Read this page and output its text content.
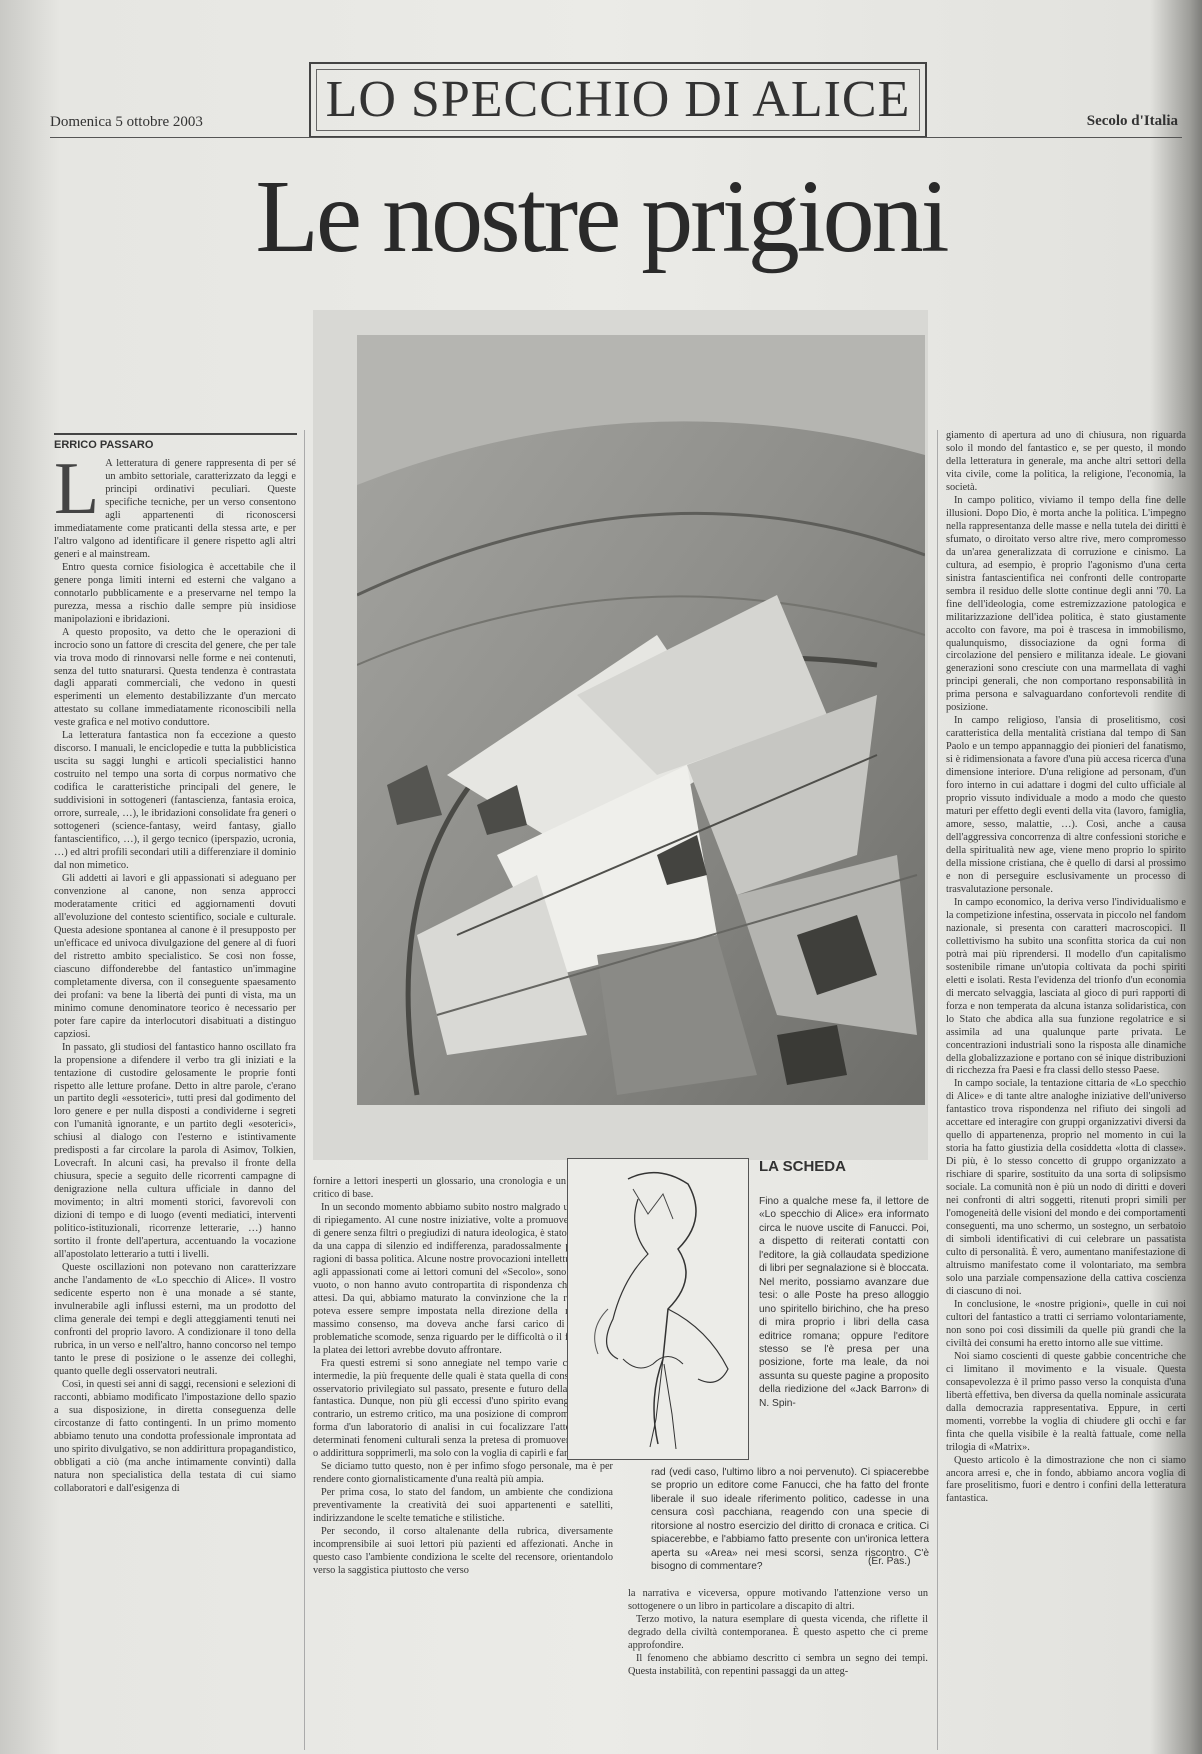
LO SPECCHIO DI ALICE
Domenica 5 ottobre 2003	Secolo d'Italia
Le nostre prigioni
ERRICO PASSARO
L A letteratura di genere rappresenta di per sé un ambito settoriale, caratterizzato da leggi e principi ordinativi peculiari. Queste specifiche tecniche, per un verso consentono agli appartenenti di riconoscersi immediatamente come praticanti della stessa arte, e per l'altro valgono ad identificare il genere rispetto agli altri generi e al mainstream.

Entro questa cornice fisiologica è accettabile che il genere ponga limiti interni ed esterni che valgano a connotarlo pubblicamente e a preservarne nel tempo la purezza, messa a rischio dalle sempre più insidiose manipolazioni e ibridazioni.

A questo proposito, va detto che le operazioni di incrocio sono un fattore di crescita del genere, che per tale via trova modo di rinnovarsi nelle forme e nei contenuti, senza del tutto snaturarsi. Questa tendenza è contrastata dagli apparati commerciali, che vedono in questi esperimenti un elemento destabilizzante d'un mercato attestato su collane immediatamente riconoscibili nella veste grafica e nel motivo conduttore.

La letteratura fantastica non fa eccezione a questo discorso. I manuali, le enciclopedie e tutta la pubblicistica uscita su saggi lunghi e articoli specialistici hanno costruito nel tempo una sorta di corpus normativo che codifica le caratteristiche principali del genere, le suddivisioni in sottogeneri (fantascienza, fantasia eroica, orrore, surreale, …), le ibridazioni consolidate fra generi o sottogeneri (science-fantasy, weird fantasy, giallo fantascientifico, …), il gergo tecnico (iperspazio, ucronia, …) ed altri profili secondari utili a differenziare il dominio dal non mimetico.

Gli addetti ai lavori e gli appassionati si adeguano per convenzione al canone, non senza approcci moderatamente critici ed aggiornamenti dovuti all'evoluzione del contesto scientifico, sociale e culturale. Questa adesione spontanea al canone è il presupposto per un'efficace ed univoca divulgazione del genere al di fuori del ristretto ambito specialistico. Se così non fosse, ciascuno diffonderebbe del fantastico un'immagine completamente diversa, con il conseguente spaesamento dei profani: va bene la libertà dei punti di vista, ma un minimo comune denominatore teorico è necessario per poter fare capire da interlocutori disabituati a distinguo capziosi.

In passato, gli studiosi del fantastico hanno oscillato fra la propensione a difendere il verbo tra gli iniziati e la tentazione di custodire gelosamente le proprie fonti rispetto alle letture profane. Detto in altre parole, c'erano un partito degli «essoterici», tutti presi dal godimento del loro genere e per nulla disposti a condividerne i segreti con l'umanità ignorante, e un partito degli «esoterici», schiusi al dialogo con l'esterno e istintivamente predisposti a far circolare la parola di Asimov, Tolkien, Lovecraft. In alcuni casi, ha prevalso il fronte della chiusura, specie a seguito delle ricorrenti campagne di denigrazione nella cultura ufficiale in danno del movimento; in altri momenti storici, favorevoli con dizioni di tempo e di luogo (eventi mediatici, interventi politico-istituzionali, ricorrenze letterarie, …) hanno sortito il fronte dell'apertura, accentuando la vocazione all'apostolato letterario a tutti i livelli.

Queste oscillazioni non potevano non caratterizzare anche l'andamento de «Lo specchio di Alice». Il vostro sedicente esperto non è una monade a sé stante, invulnerabile agli influssi esterni, ma un prodotto del clima generale dei tempi e degli atteggiamenti tenuti nei confronti del proprio lavoro. A condizionare il tono della rubrica, in un verso e nell'altro, hanno concorso nel tempo tanto le prese di posizione o le assenze dei colleghi, quanto quelle degli osservatori neutrali.

Così, in questi sei anni di saggi, recensioni e selezioni di racconti, abbiamo modificato l'impostazione dello spazio a sua disposizione, in diretta conseguenza delle circostanze di fatto contingenti. In un primo momento abbiamo tenuto una condotta professionale improntata ad uno spirito divulgativo, se non addirittura propagandistico, obbligati a ciò (ma anche intimamente convinti) dalla natura non specialistica della testata di cui siamo collaboratori e dall'esigenza di

fornire a lettori inesperti un glossario, una cronologia e un prontuario critico di base.

In un secondo momento abbiamo subito nostro malgrado un processo di ripiegamento. Al cune nostre iniziative, volte a promuovere racconti di genere senza filtri o pregiudizi di natura ideologica, è stato circondato da una cappa di silenzio ed indifferenza, paradossalmente proprio per ragioni di bassa politica. Alcune nostre provocazioni intellettuali, rivolte agli appassionati come ai lettori comuni del «Secolo», sono cadute nel vuoto, o non hanno avuto contropartita di rispondenza che ci aveva attesi. Da qui, abbiamo maturato la convinzione che la rubrica non poteva essere sempre impostata nella direzione della ricerca del massimo consenso, ma doveva anche farsi carico di affrontare problematiche scomode, senza riguardo per le difficoltà o il fastidio che la platea dei lettori avrebbe dovuto affrontare.

Fra questi estremi si sono annegiate nel tempo varie collocazioni intermedie, la più frequente delle quali è stata quella di considerarsi un osservatorio privilegiato sul passato, presente e futuro della letteratura fantastica. Dunque, non più gli eccessi d'uno spirito evangelico o, al contrario, un estremo critico, ma una posizione di compromesso, sotto forma d'un laboratorio di analisi in cui focalizzare l'attenzione su determinati fenomeni culturali senza la pretesa di promuoverli, guidarli o addirittura sopprimerli, ma solo con la voglia di capirli e farli capire.

Se diciamo tutto questo, non è per infimo sfogo personale, ma è per rendere conto giornalisticamente d'una realtà più ampia.

Per prima cosa, lo stato del fandom, un ambiente che condiziona preventivamente la creatività dei suoi appartenenti e satelliti, indirizzandone le scelte tematiche e stilistiche.

Per secondo, il corso altalenante della rubrica, diversamente incomprensibile ai suoi lettori più pazienti ed affezionati. Anche in questo caso l'ambiente condiziona le scelte del recensore, orientandolo verso la saggistica piuttosto che verso

la narrativa e viceversa, oppure motivando l'attenzione verso un sottogenere o un libro in particolare a discapito di altri.

Terzo motivo, la natura esemplare di questa vicenda, che riflette il degrado della civiltà contemporanea. È questo aspetto che ci preme approfondire.

Il fenomeno che abbiamo descritto ci sembra un segno dei tempi. Questa instabilità, con repentini passaggi da un atteg-

giamento di apertura ad uno di chiusura, non riguarda solo il mondo del fantastico e, se per questo, il mondo della letteratura in generale, ma anche altri settori della vita civile, come la politica, la religione, l'economia, la società.

In campo politico, viviamo il tempo della fine delle illusioni. Dopo Dio, è morta anche la politica. L'impegno nella rappresentanza delle masse e nella tutela dei diritti è sfumato, o diroitato verso altre rive, mero compromesso da un'area generalizzata di corruzione e cinismo. La cultura, ad esempio, è proprio l'agonismo d'una certa sinistra fantascientifica nei confronti delle controparte sembra il residuo delle slotte continue degli anni '70. La fine dell'ideologia, come estremizzazione patologica e militarizzazione dell'idea politica, è stato giustamente accolto con favore, ma poi è trascesa in immobilismo, qualunquismo, dissociazione da ogni forma di circolazione del pensiero e militanza ideale. Le giovani generazioni sono cresciute con una marmellata di vaghi principi generali, che non comportano responsabilità in prima persona e salvaguardano confortevoli rendite di posizione.

In campo religioso, l'ansia di proselitismo, così caratteristica della mentalità cristiana dal tempo di San Paolo e un tempo appannaggio dei pionieri del fanatismo, si è ridimensionata a favore d'una più accesa ricerca d'una dimensione interiore. D'una religione ad personam, d'un foro interno in cui adattare i dogmi del culto ufficiale al proprio vissuto individuale a modo a modo che questo maturi per effetto degli eventi della vita (lavoro, famiglia, amore, sesso, malattie, …). Così, anche a causa dell'aggressiva concorrenza di altre confessioni storiche e della spiritualità new age, viene meno proprio lo spirito della missione cristiana, che è quello di darsi al prossimo e non di perseguire esclusivamente un processo di trasvalutazione personale.

In campo economico, la deriva verso l'individualismo e la competizione infestina, osservata in piccolo nel fandom nazionale, si presenta con caratteri macroscopici. Il collettivismo ha subito una sconfitta storica da cui non potrà mai più riprendersi. Il modello d'un capitalismo sostenibile rimane un'utopia coltivata da pochi spiriti eletti e isolati. Resta l'evidenza del trionfo d'un economia di mercato selvaggia, lasciata al gioco di puri rapporti di forza e non temperata da alcuna istanza solidaristica, con lo Stato che abdica alla sua funzione regolatrice e si assimila ad una qualunque parte privata. Le concentrazioni industriali sono la risposta alle dinamiche della globalizzazione e portano con sé inique distribuzioni di ricchezza fra Paesi e fra classi dello stesso Paese.

In campo sociale, la tentazione cittaria de «Lo specchio di Alice» e di tante altre analoghe iniziative dell'universo fantastico trova rispondenza nel rifiuto dei singoli ad accettare ed interagire con gruppi organizzativi diversi da quello di appartenenza, proprio nel momento in cui la storia ha fatto giustizia della cosiddetta «lotta di classe». Di più, è lo stesso concetto di gruppo organizzato a rischiare di sparire, sostituito da una sorta di solipsismo sociale. La comunità non è più un nodo di diritti e doveri nei confronti di altri soggetti, ritenuti propri simili per l'omogeneità delle visioni del mondo e dei comportamenti conseguenti, ma uno schermo, un sostegno, un serbatoio di simboli identificativi di cui celebrare un passatista culto di personalità. È vero, aumentano manifestazione di altruismo manifestato come il volontariato, ma sembra solo una parziale compensazione della cattiva coscienza di ciascuno di noi.

In conclusione, le «nostre prigioni», quelle in cui noi cultori del fantastico a tratti ci serriamo volontariamente, non sono poi così dissimili da quelle più grandi che la civiltà dei consumi ha eretto intorno alle sue vittime.

Noi siamo coscienti di queste gabbie concentriche che ci limitano il movimento e la visuale. Questa consapevolezza è il primo passo verso la conquista d'una libertà effettiva, ben diversa da quella nominale assicurata dalla democrazia rappresentativa. Eppure, in certi momenti, vorrebbe la voglia di chiudere gli occhi e far finta che quella visibile è la realtà fattuale, come nella trilogia di «Matrix».

Questo articolo è la dimostrazione che non ci siamo ancora arresi e, che in fondo, abbiamo ancora voglia di fare proselitismo, fuori e dentro i confini della letteratura fantastica.

LA SCHEDA
Fino a qualche mese fa, il lettore de «Lo specchio di Alice» era informato circa le nuove uscite di Fanucci. Poi, a dispetto di reiterati contatti con l'editore, la già collaudata spedizione di libri per segnalazione si è bloccata. Nel merito, possiamo avanzare due tesi: o alle Poste ha preso alloggio uno spiritello birichino, che ha preso di mira proprio i libri della casa editrice romana; oppure l'editore stesso se l'è presa per una posizione, forte ma leale, da noi assunta su queste pagine a proposito della riedizione del «Jack Barron» di N. Spin-
rad (vedi caso, l'ultimo libro a noi pervenuto). Ci spiacerebbe se proprio un editore come Fanucci, che ha fatto del fronte liberale il suo ideale riferimento politico, cadesse in una censura così pacchiana, reagendo con una specie di ritorsione al nostro esercizio del diritto di cronaca e critica. Ci spiacerebbe, e l'abbiamo fatto presente con un'ironica lettera aperta su «Area» nei mesi scorsi, senza riscontro. C'è bisogno di commentare?	(Er. Pas.)
